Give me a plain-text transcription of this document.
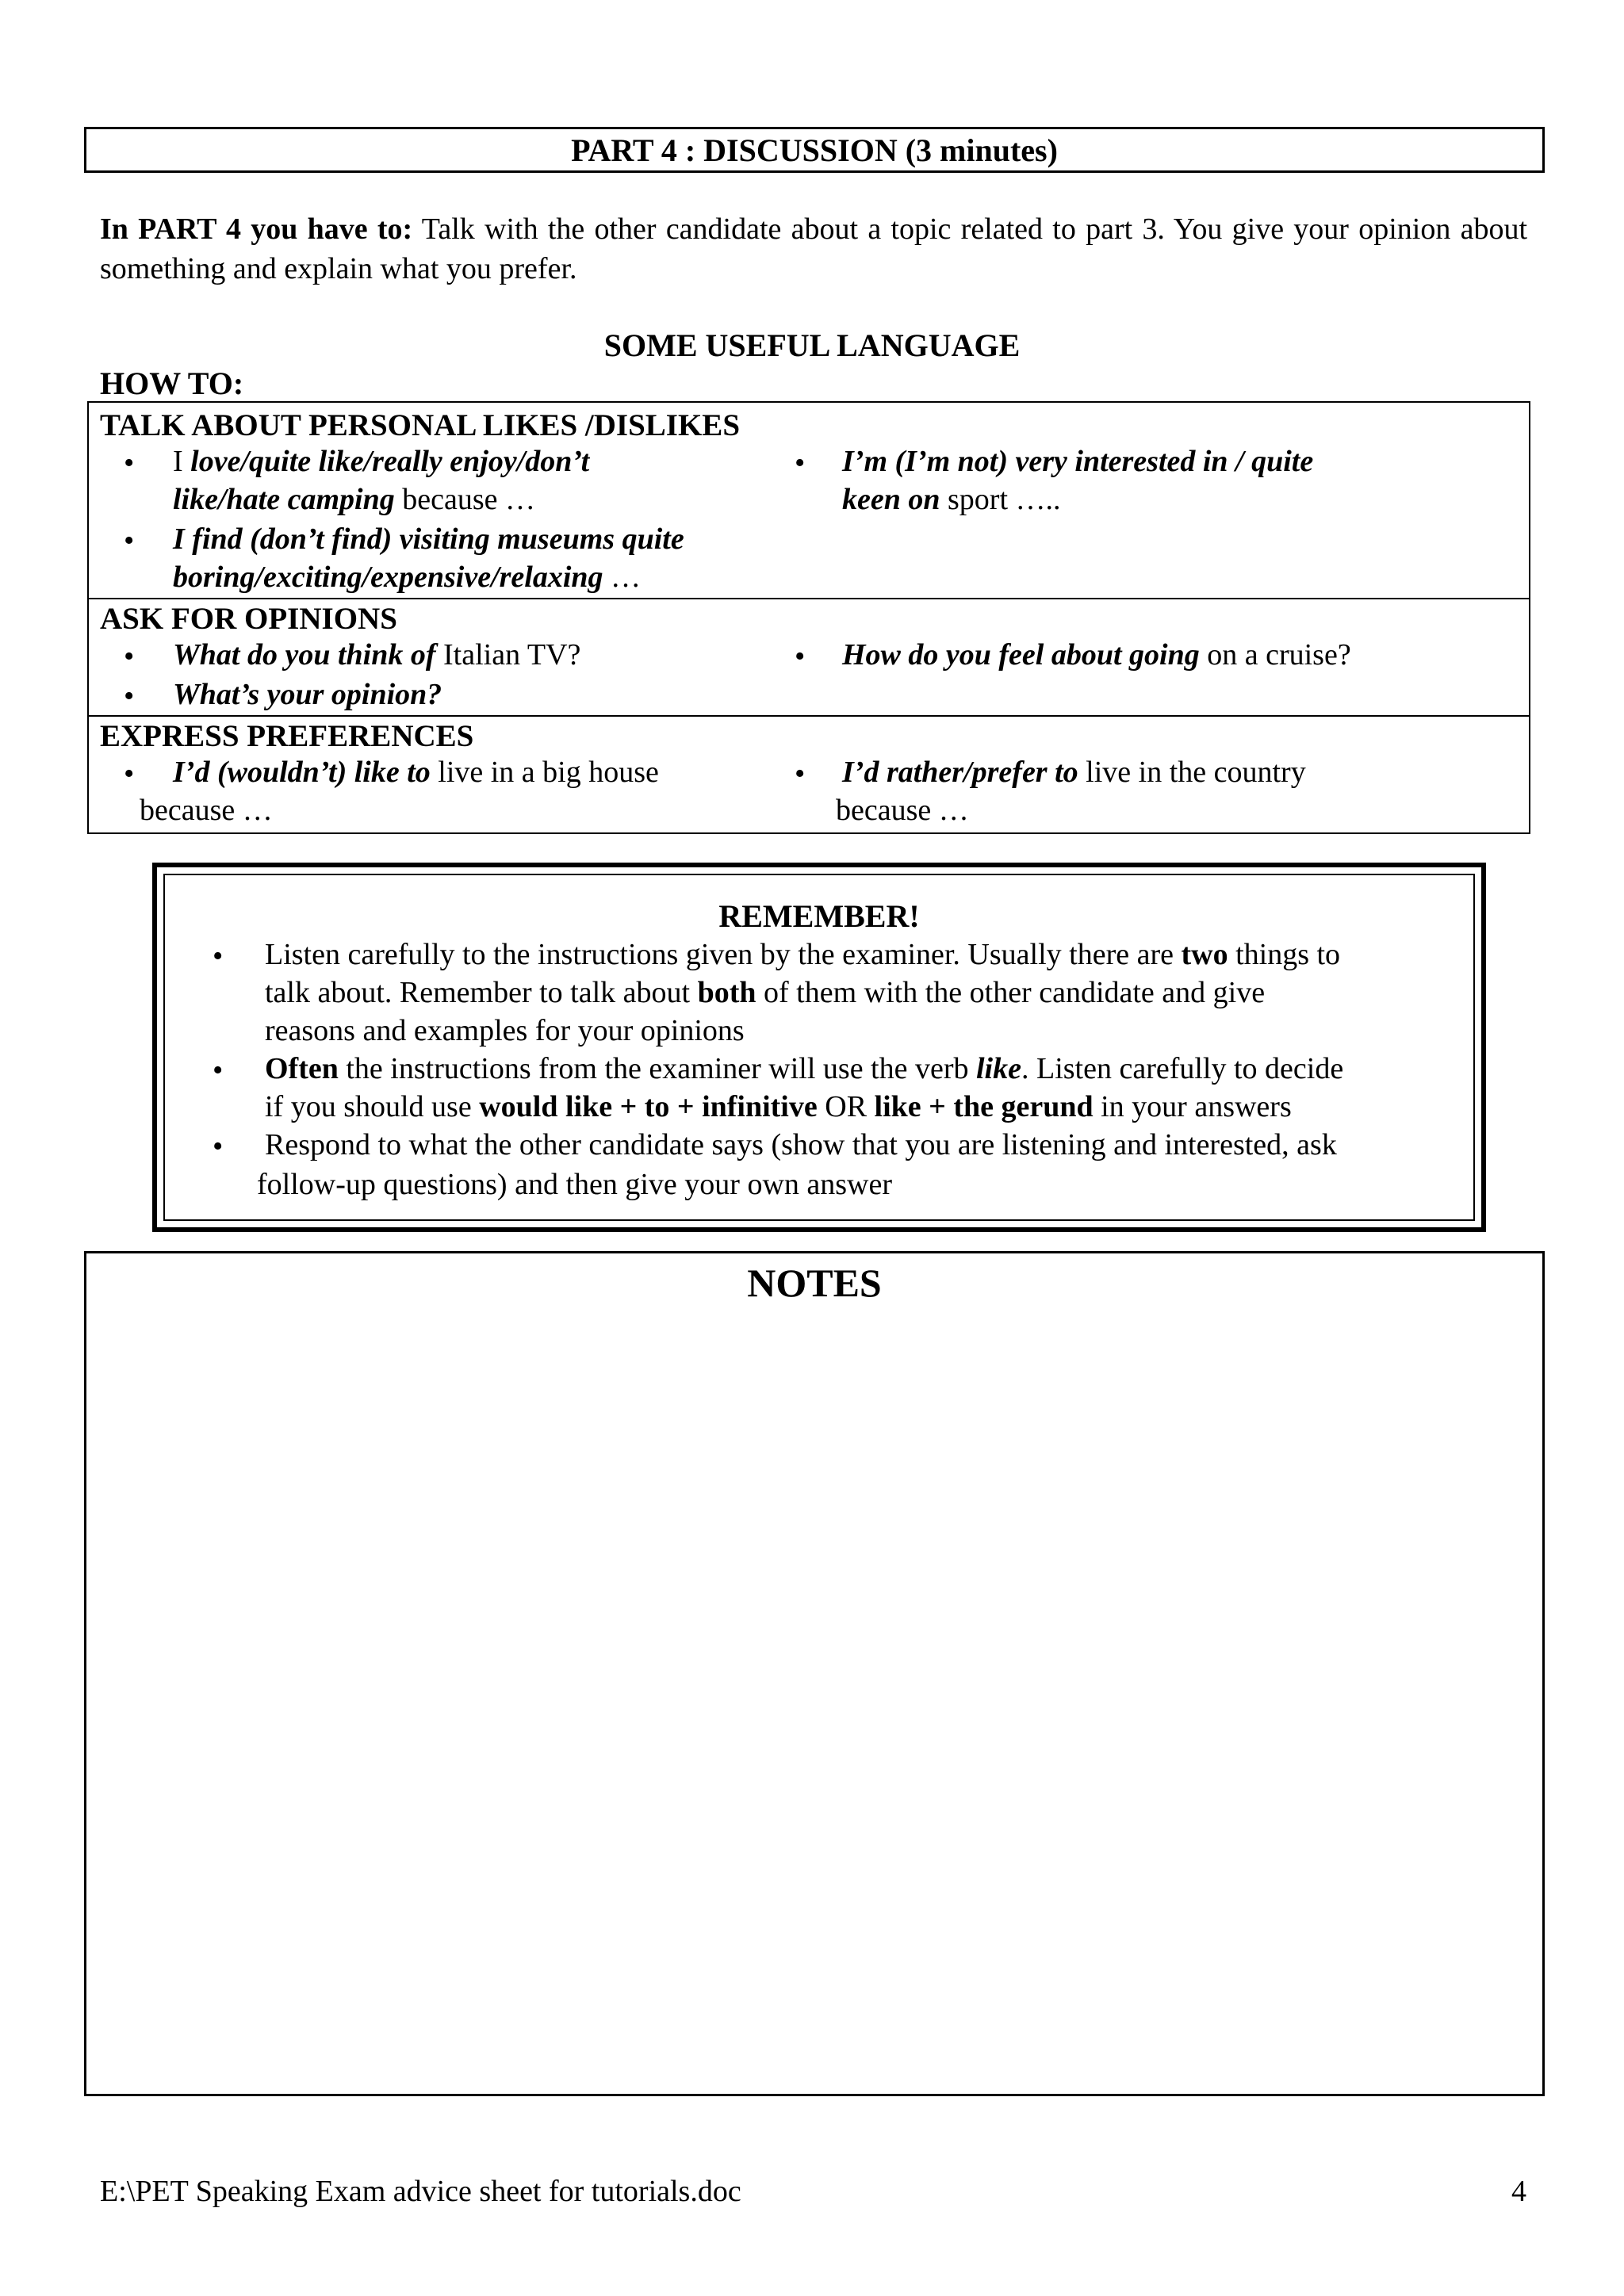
PART 4 : DISCUSSION (3 minutes)
In PART 4 you have to: Talk with the other candidate about a topic related to part 3. You give your opinion about something and explain what you prefer.
SOME USEFUL LANGUAGE
HOW TO:
TALK ABOUT PERSONAL LIKES /DISLIKES
• I love/quite like/really enjoy/don’t
like/hate camping because …
• I find (don’t find) visiting museums quite
boring/exciting/expensive/relaxing …
• I’m (I’m not) very interested in / quite
keen on sport …..
ASK FOR OPINIONS
• What do you think of Italian TV?
• What’s your opinion?
• How do you feel about going on a cruise?
EXPRESS PREFERENCES
• I’d (wouldn’t) like to live in a big house
because …
• I’d rather/prefer to live in the country
because …
REMEMBER!
• Listen carefully to the instructions given by the examiner. Usually there are two things to
talk about. Remember to talk about both of them with the other candidate and give
reasons and examples for your opinions
• Often the instructions from the examiner will use the verb like. Listen carefully to decide
if you should use would like + to + infinitive OR like + the gerund in your answers
• Respond to what the other candidate says (show that you are listening and interested, ask
follow-up questions) and then give your own answer
NOTES
E:\PET Speaking Exam advice sheet for tutorials.doc	4
